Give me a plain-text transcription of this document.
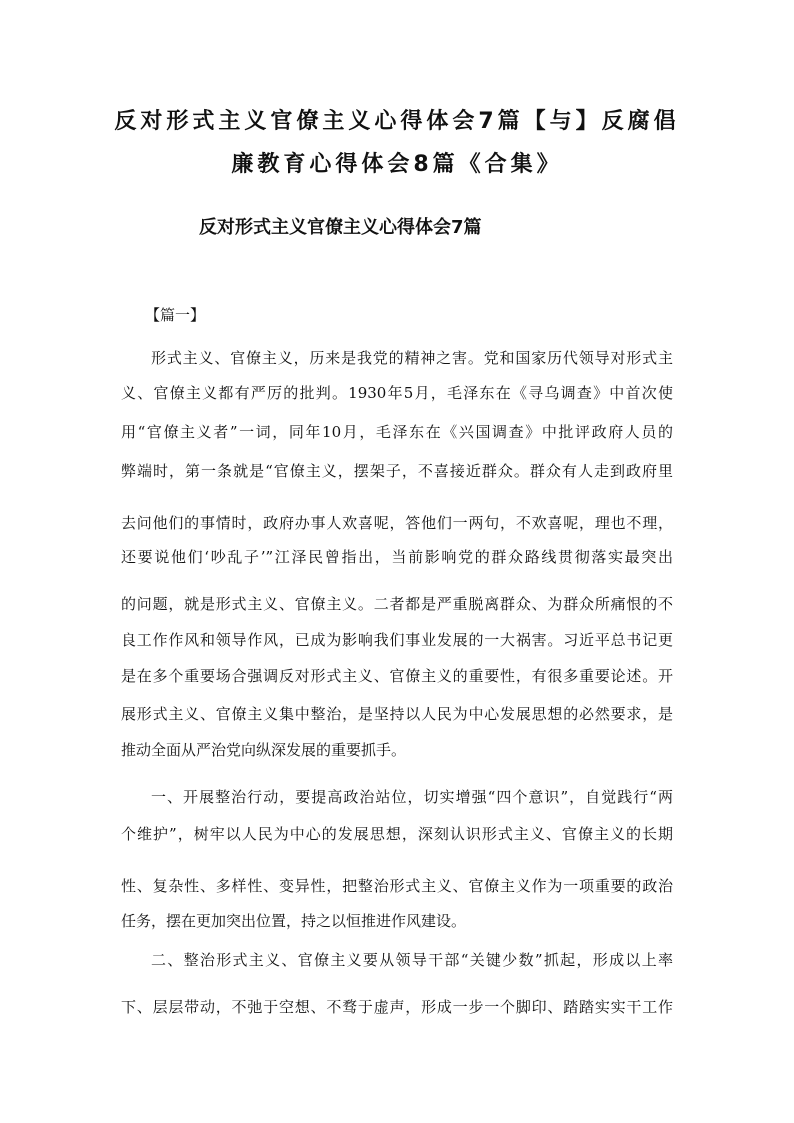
反对形式主义官僚主义心得体会7篇【与】反腐倡
廉教育心得体会8篇《合集》
反对形式主义官僚主义心得体会7篇
【篇一】
形式主义、官僚主义，历来是我党的精神之害。党和国家历代领导对形式主
义、官僚主义都有严厉的批判。1930年5月，毛泽东在《寻乌调查》中首次使
用“官僚主义者”一词，同年10月，毛泽东在《兴国调查》中批评政府人员的
弊端时，第一条就是“官僚主义，摆架子，不喜接近群众。群众有人走到政府里
去问他们的事情时，政府办事人欢喜呢，答他们一两句，不欢喜呢，理也不理，
还要说他们‘吵乱子’”江泽民曾指出，当前影响党的群众路线贯彻落实最突出
的问题，就是形式主义、官僚主义。二者都是严重脱离群众、为群众所痛恨的不
良工作作风和领导作风，已成为影响我们事业发展的一大祸害。习近平总书记更
是在多个重要场合强调反对形式主义、官僚主义的重要性，有很多重要论述。开
展形式主义、官僚主义集中整治，是坚持以人民为中心发展思想的必然要求，是
推动全面从严治党向纵深发展的重要抓手。
一、开展整治行动，要提高政治站位，切实增强“四个意识”，自觉践行“两
个维护”，树牢以人民为中心的发展思想，深刻认识形式主义、官僚主义的长期
性、复杂性、多样性、变异性，把整治形式主义、官僚主义作为一项重要的政治
任务，摆在更加突出位置，持之以恒推进作风建设。
二、整治形式主义、官僚主义要从领导干部“关键少数”抓起，形成以上率
下、层层带动，不弛于空想、不骛于虚声，形成一步一个脚印、踏踏实实干工作
